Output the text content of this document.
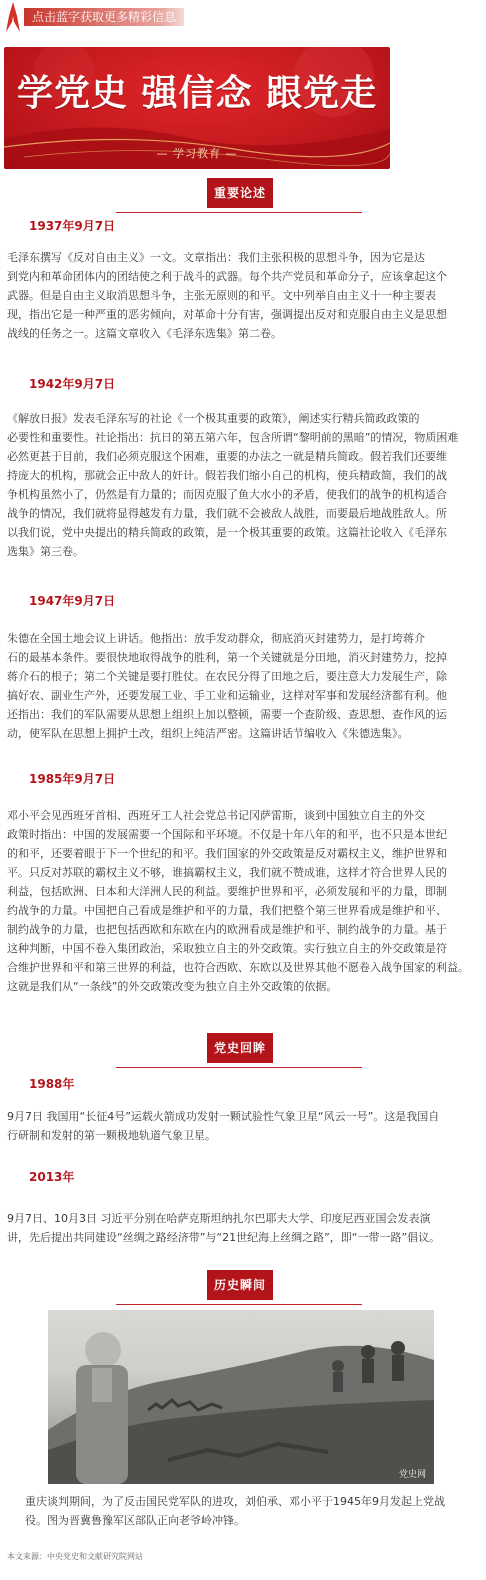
点击蓝字获取更多精彩信息
学党史 强信念 跟党走
— 学习教育 —
重要论述
1937年9月7日
毛泽东撰写《反对自由主义》一文。文章指出：我们主张积极的思想斗争，因为它是达
到党内和革命团体内的团结使之利于战斗的武器。每个共产党员和革命分子，应该拿起这个
武器。但是自由主义取消思想斗争，主张无原则的和平。文中列举自由主义十一种主要表
现，指出它是一种严重的恶劣倾向，对革命十分有害，强调提出反对和克服自由主义是思想
战线的任务之一。这篇文章收入《毛泽东选集》第二卷。
1942年9月7日
《解放日报》发表毛泽东写的社论《一个极其重要的政策》，阐述实行精兵简政政策的
必要性和重要性。社论指出：抗日的第五第六年，包含所谓“黎明前的黑暗”的情况，物质困难
必然更甚于目前，我们必须克服这个困难，重要的办法之一就是精兵简政。假若我们还要维
持庞大的机构，那就会正中敌人的奸计。假若我们缩小自己的机构，使兵精政简，我们的战
争机构虽然小了，仍然是有力量的；而因克服了鱼大水小的矛盾，使我们的战争的机构适合
战争的情况，我们就将显得越发有力量，我们就不会被敌人战胜，而要最后地战胜敌人。所
以我们说，党中央提出的精兵简政的政策，是一个极其重要的政策。这篇社论收入《毛泽东
选集》第三卷。
1947年9月7日
朱德在全国土地会议上讲话。他指出：放手发动群众，彻底消灭封建势力，是打垮蒋介
石的最基本条件。要很快地取得战争的胜利，第一个关键就是分田地，消灭封建势力，挖掉
蒋介石的根子；第二个关键是要打胜仗。在农民分得了田地之后，要注意大力发展生产，除
搞好农、副业生产外，还要发展工业、手工业和运输业，这样对军事和发展经济都有利。他
还指出：我们的军队需要从思想上组织上加以整顿，需要一个查阶级、查思想、查作风的运
动，使军队在思想上拥护土改，组织上纯洁严密。这篇讲话节编收入《朱德选集》。
1985年9月7日
邓小平会见西班牙首相、西班牙工人社会党总书记冈萨雷斯，谈到中国独立自主的外交
政策时指出：中国的发展需要一个国际和平环境。不仅是十年八年的和平，也不只是本世纪
的和平，还要着眼于下一个世纪的和平。我们国家的外交政策是反对霸权主义，维护世界和
平。只反对苏联的霸权主义不够，谁搞霸权主义，我们就不赞成谁，这样才符合世界人民的
利益，包括欧洲、日本和大洋洲人民的利益。要维护世界和平，必须发展和平的力量，即制
约战争的力量。中国把自己看成是维护和平的力量，我们把整个第三世界看成是维护和平、
制约战争的力量，也把包括西欧和东欧在内的欧洲看成是维护和平、制约战争的力量。基于
这种判断，中国不卷入集团政治，采取独立自主的外交政策。实行独立自主的外交政策是符
合维护世界和平和第三世界的利益，也符合西欧、东欧以及世界其他不愿卷入战争国家的利益。
这就是我们从“一条线”的外交政策改变为独立自主外交政策的依据。
党史回眸
1988年
9月7日 我国用“长征4号”运载火箭成功发射一颗试验性气象卫星“风云一号”。这是我国自
行研制和发射的第一颗极地轨道气象卫星。
2013年
9月7日、10月3日 习近平分别在哈萨克斯坦纳扎尔巴耶夫大学、印度尼西亚国会发表演
讲，先后提出共同建设“丝绸之路经济带”与“21世纪海上丝绸之路”，即“一带一路”倡议。
历史瞬间
党史网
重庆谈判期间，为了反击国民党军队的进攻，刘伯承、邓小平于1945年9月发起上党战
役。图为晋冀鲁豫军区部队正向老爷岭冲锋。
本文来源：中央党史和文献研究院网站
